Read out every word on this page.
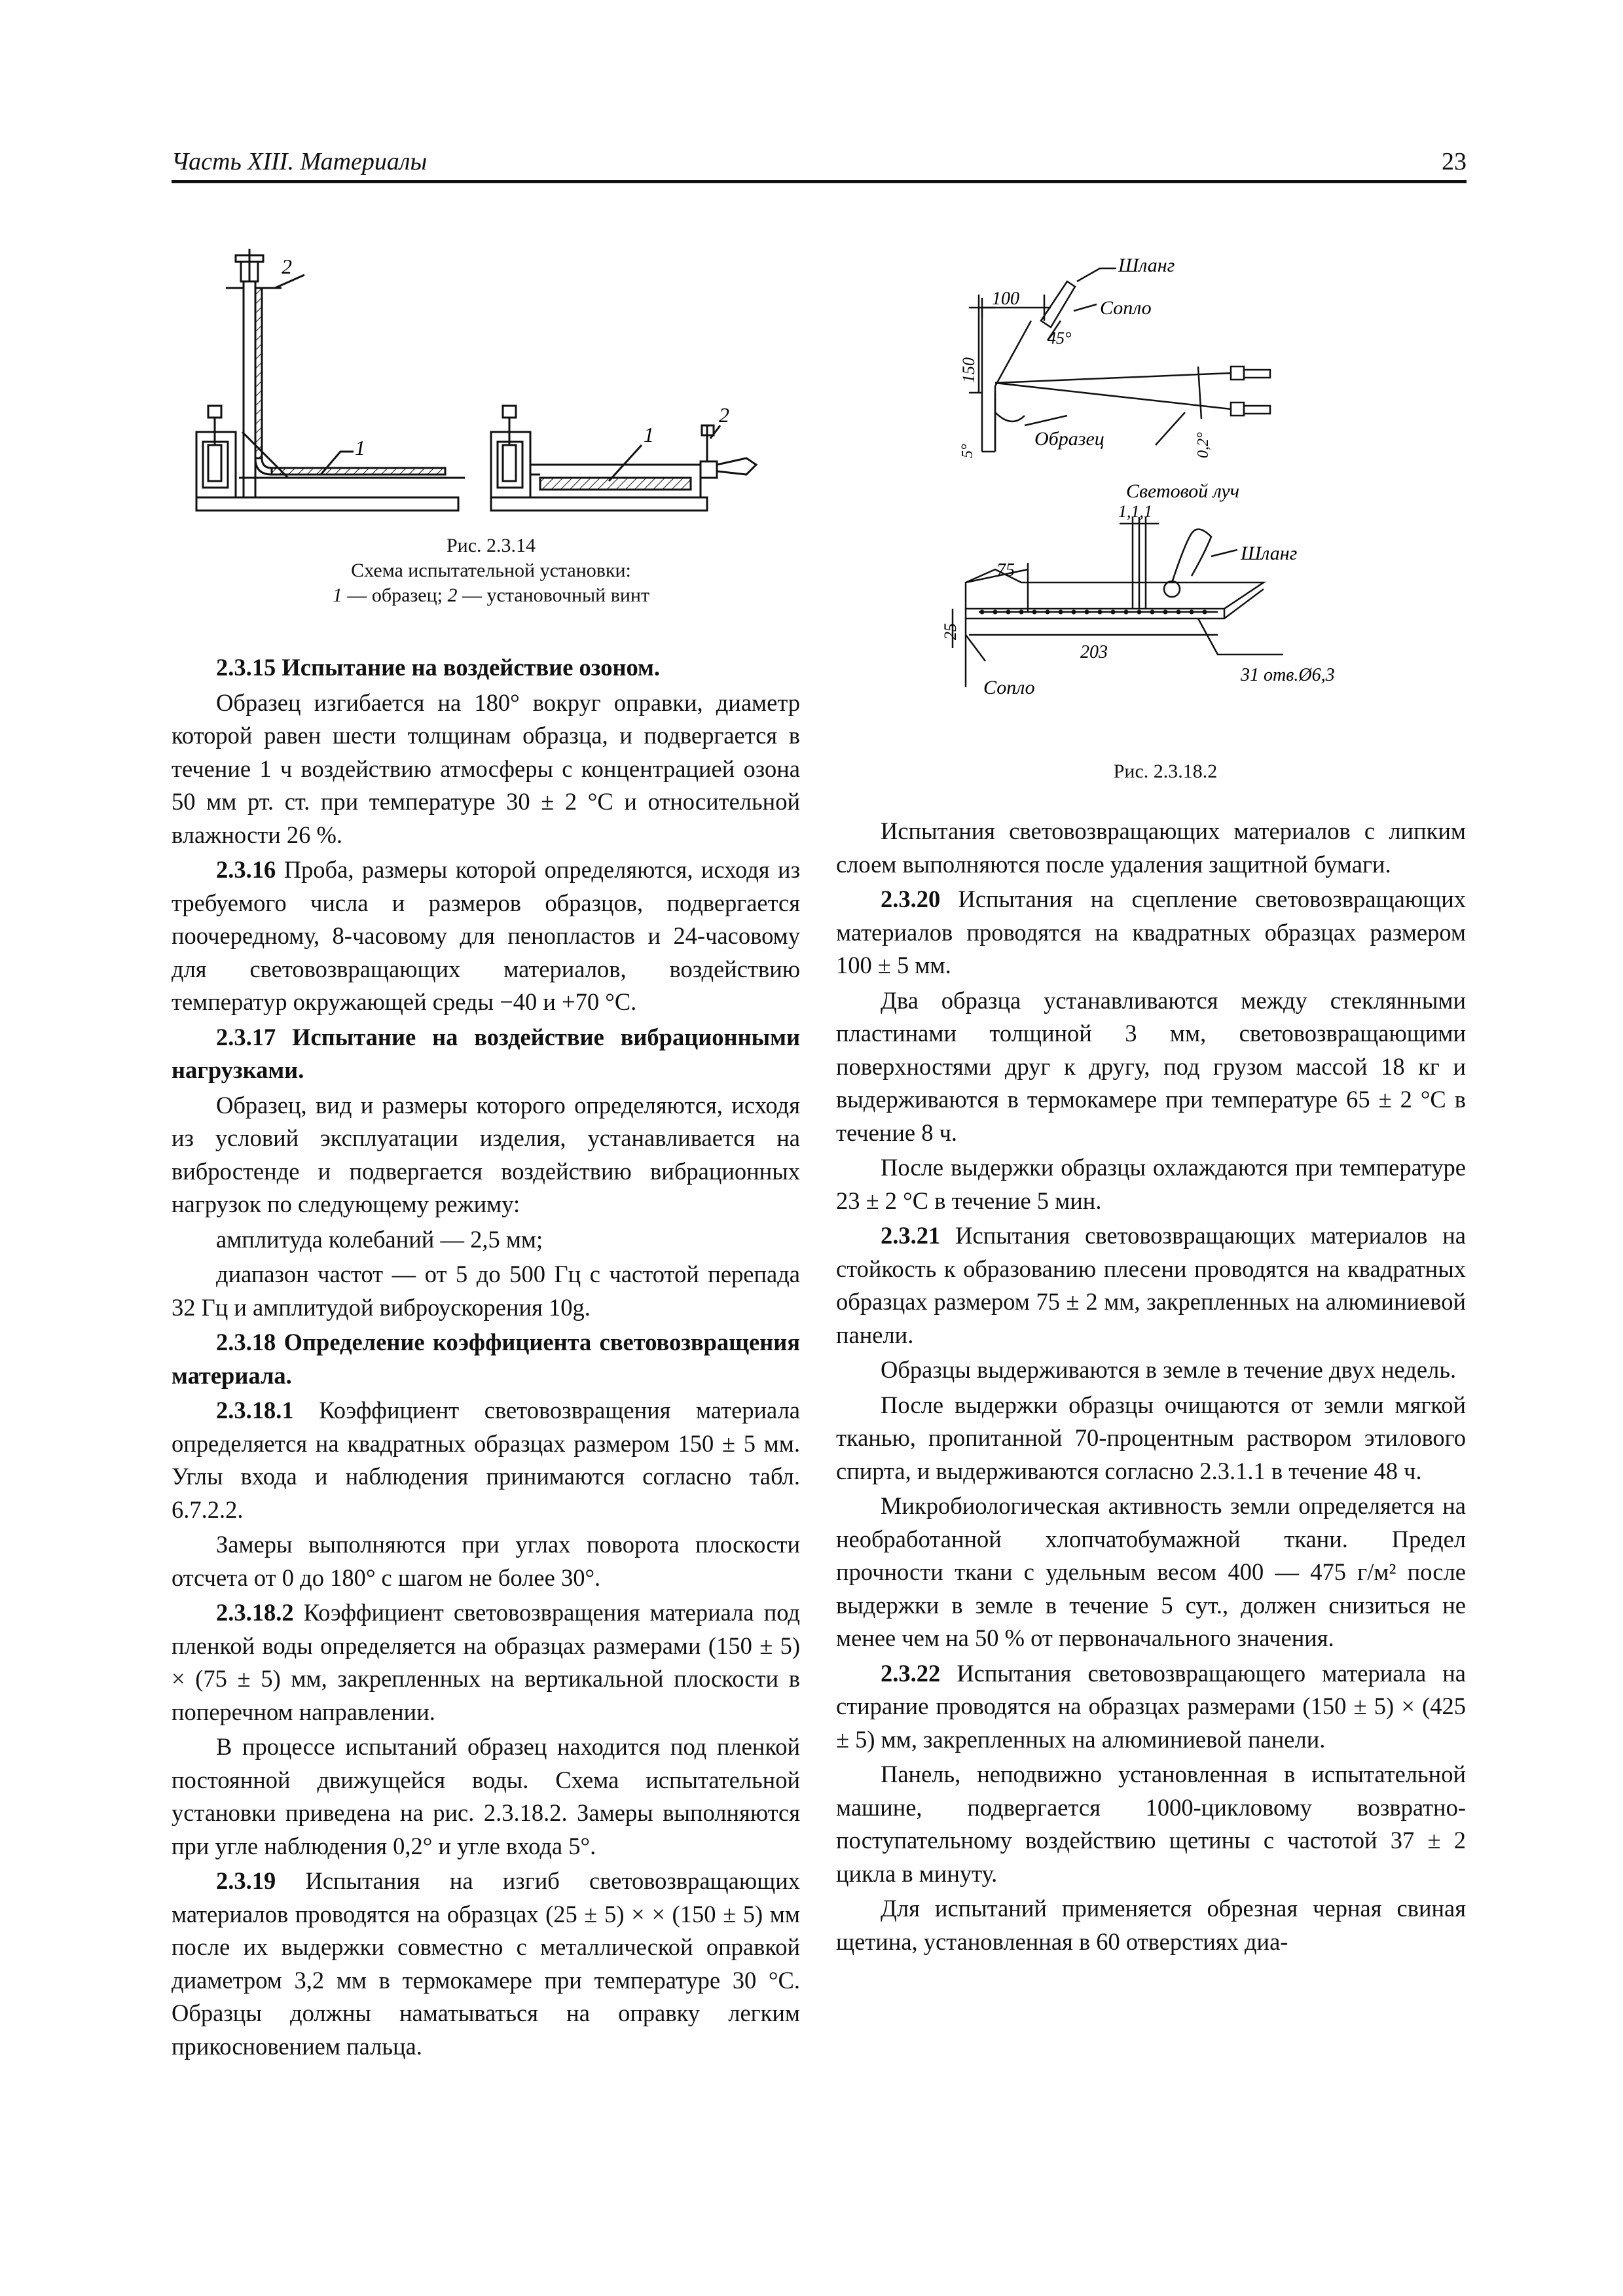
Часть XIII. Материалы	23
2
1
1
2
Рис. 2.3.14
Схема испытательной установки:
1 — образец; 2 — установочный винт
Шланг
Сопло
100
45°
150
5°
Образец	0,2°
Световой луч
1,1,1
75
Шланг
25
203
31 отв.Ø6,3
Сопло
Рис. 2.3.18.2

2.3.15 Испытание на воздействие озоном.

Образец изгибается на 180° вокруг оправки, диаметр которой равен шести толщинам образца, и подвергается в течение 1 ч воздействию атмосферы с концентрацией озона 50 мм рт. ст. при температуре 30 ± 2 °С и относительной влажности 26 %.

2.3.16 Проба, размеры которой определяются, исходя из требуемого числа и размеров образцов, подвергается поочередному, 8-часовому для пенопластов и 24-часовому для световозвращающих материалов, воздействию температур окружающей среды −40 и +70 °С.

2.3.17 Испытание на воздействие вибрационными нагрузками.

Образец, вид и размеры которого определяются, исходя из условий эксплуатации изделия, устанавливается на вибростенде и подвергается воздействию вибрационных нагрузок по следующему режиму:

амплитуда колебаний — 2,5 мм;

диапазон частот — от 5 до 500 Гц с частотой перепада 32 Гц и амплитудой виброускорения 10g.

2.3.18 Определение коэффициента световозвращения материала.

2.3.18.1 Коэффициент световозвращения материала определяется на квадратных образцах размером 150 ± 5 мм. Углы входа и наблюдения принимаются согласно табл. 6.7.2.2.

Замеры выполняются при углах поворота плоскости отсчета от 0 до 180° с шагом не более 30°.

2.3.18.2 Коэффициент световозвращения материала под пленкой воды определяется на образцах размерами (150 ± 5) × (75 ± 5) мм, закрепленных на вертикальной плоскости в поперечном направлении.

В процессе испытаний образец находится под пленкой постоянной движущейся воды. Схема испытательной установки приведена на рис. 2.3.18.2. Замеры выполняются при угле наблюдения 0,2° и угле входа 5°.

2.3.19 Испытания на изгиб световозвращающих материалов проводятся на образцах (25 ± 5) × × (150 ± 5) мм после их выдержки совместно с металлической оправкой диаметром 3,2 мм в термокамере при температуре 30 °С. Образцы должны наматываться на оправку легким прикосновением пальца.

Испытания световозвращающих материалов с липким слоем выполняются после удаления защитной бумаги.

2.3.20 Испытания на сцепление световозвращающих материалов проводятся на квадратных образцах размером 100 ± 5 мм.

Два образца устанавливаются между стеклянными пластинами толщиной 3 мм, световозвращающими поверхностями друг к другу, под грузом массой 18 кг и выдерживаются в термокамере при температуре 65 ± 2 °С в течение 8 ч.

После выдержки образцы охлаждаются при температуре 23 ± 2 °С в течение 5 мин.

2.3.21 Испытания световозвращающих материалов на стойкость к образованию плесени проводятся на квадратных образцах размером 75 ± 2 мм, закрепленных на алюминиевой панели.

Образцы выдерживаются в земле в течение двух недель.

После выдержки образцы очищаются от земли мягкой тканью, пропитанной 70-процентным раствором этилового спирта, и выдерживаются согласно 2.3.1.1 в течение 48 ч.

Микробиологическая активность земли определяется на необработанной хлопчатобумажной ткани. Предел прочности ткани с удельным весом 400 — 475 г/м² после выдержки в земле в течение 5 сут., должен снизиться не менее чем на 50 % от первоначального значения.

2.3.22 Испытания световозвращающего материала на стирание проводятся на образцах размерами (150 ± 5) × (425 ± 5) мм, закрепленных на алюминиевой панели.

Панель, неподвижно установленная в испытательной машине, подвергается 1000-цикловому возвратно-поступательному воздействию щетины с частотой 37 ± 2 цикла в минуту.

Для испытаний применяется обрезная черная свиная щетина, установленная в 60 отверстиях диа-
